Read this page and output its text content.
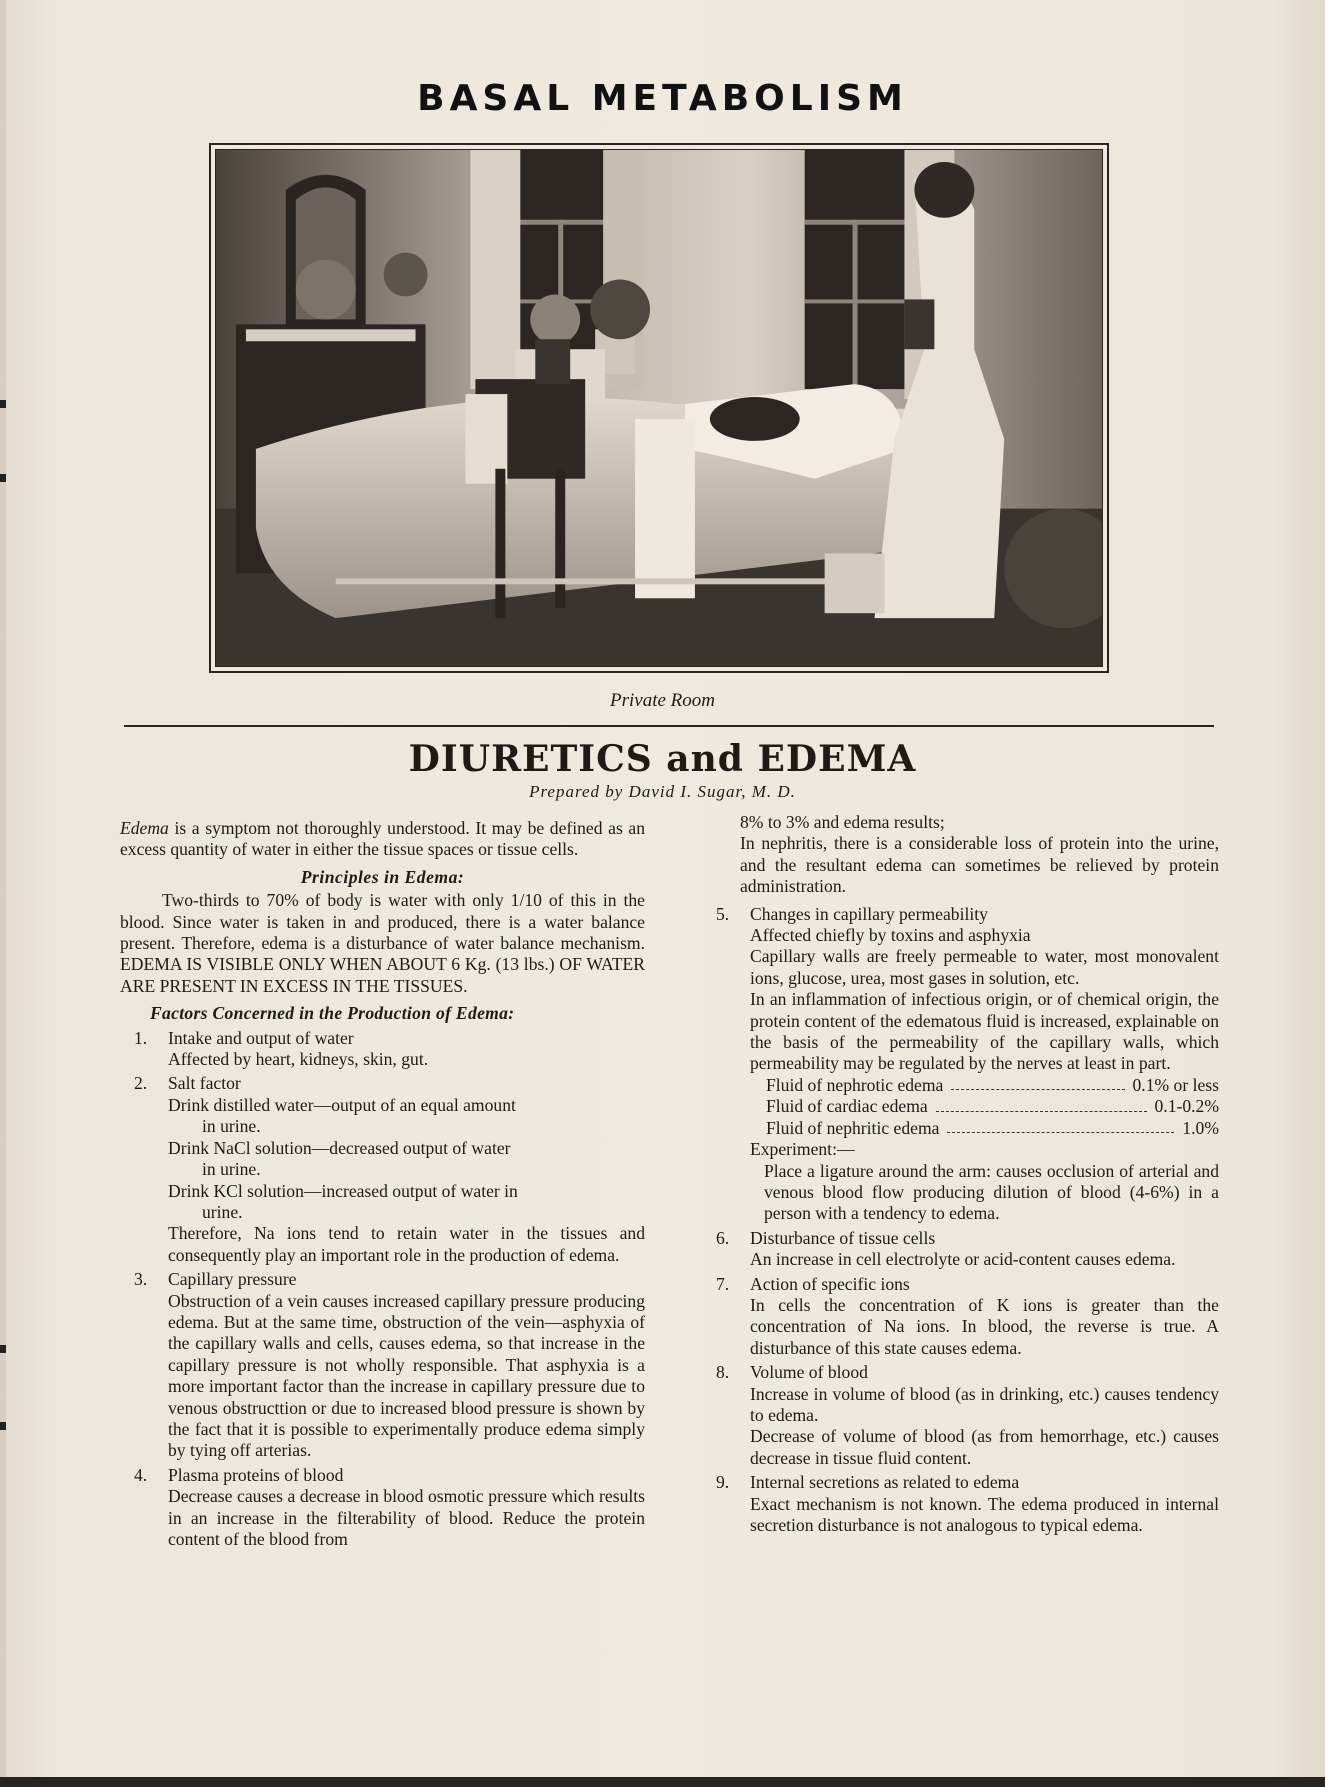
BASAL METABOLISM
Private Room
DIURETICS and EDEMA
Prepared by David I. Sugar, M. D.

Edema is a symptom not thoroughly understood. It may be defined as an excess quantity of water in either the tissue spaces or tissue cells.

Principles in Edema:

Two-thirds to 70% of body is water with only 1/10 of this in the blood. Since water is taken in and produced, there is a water balance present. Therefore, edema is a disturbance of water balance mechanism. EDEMA IS VISIBLE ONLY WHEN ABOUT 6 Kg. (13 lbs.) OF WATER ARE PRESENT IN EXCESS IN THE TISSUES.

Factors Concerned in the Production of Edema:

1.	Intake and output of water

Affected by heart, kidneys, skin, gut.

2.	Salt factor

Drink distilled water—output of an equal amount

in urine.

Drink NaCl solution—decreased output of water

in urine.

Drink KCl solution—increased output of water in

urine.

Therefore, Na ions tend to retain water in the tissues and consequently play an important role in the production of edema.

3.	Capillary pressure

Obstruction of a vein causes increased capillary pressure producing edema. But at the same time, obstruction of the vein—asphyxia of the capillary walls and cells, causes edema, so that increase in the capillary pressure is not wholly responsible. That asphyxia is a more important factor than the increase in capillary pressure due to venous obstructtion or due to increased blood pressure is shown by the fact that it is possible to experimentally produce edema simply by tying off arterias.

4.	Plasma proteins of blood

Decrease causes a decrease in blood osmotic pressure which results in an increase in the filterability of blood. Reduce the protein content of the blood from

8% to 3% and edema results;

In nephritis, there is a considerable loss of protein into the urine, and the resultant edema can sometimes be relieved by protein administration.

5.	Changes in capillary permeability

Affected chiefly by toxins and asphyxia

Capillary walls are freely permeable to water, most monovalent ions, glucose, urea, most gases in solution, etc.

In an inflammation of infectious origin, or of chemical origin, the protein content of the edematous fluid is increased, explainable on the basis of the permeability of the capillary walls, which permeability may be regulated by the nerves at least in part.

Fluid of nephrotic edema	0.1% or less
Fluid of cardiac edema	0.1-0.2%
Fluid of nephritic edema	1.0%

Experiment:—

Place a ligature around the arm: causes occlusion of arterial and venous blood flow producing dilution of blood (4-6%) in a person with a tendency to edema.

6.	Disturbance of tissue cells

An increase in cell electrolyte or acid-content causes edema.

7.	Action of specific ions

In cells the concentration of K ions is greater than the concentration of Na ions. In blood, the reverse is true. A disturbance of this state causes edema.

8.	Volume of blood

Increase in volume of blood (as in drinking, etc.) causes tendency to edema.

Decrease of volume of blood (as from hemorrhage, etc.) causes decrease in tissue fluid content.

9.	Internal secretions as related to edema

Exact mechanism is not known. The edema produced in internal secretion disturbance is not analogous to typical edema.
